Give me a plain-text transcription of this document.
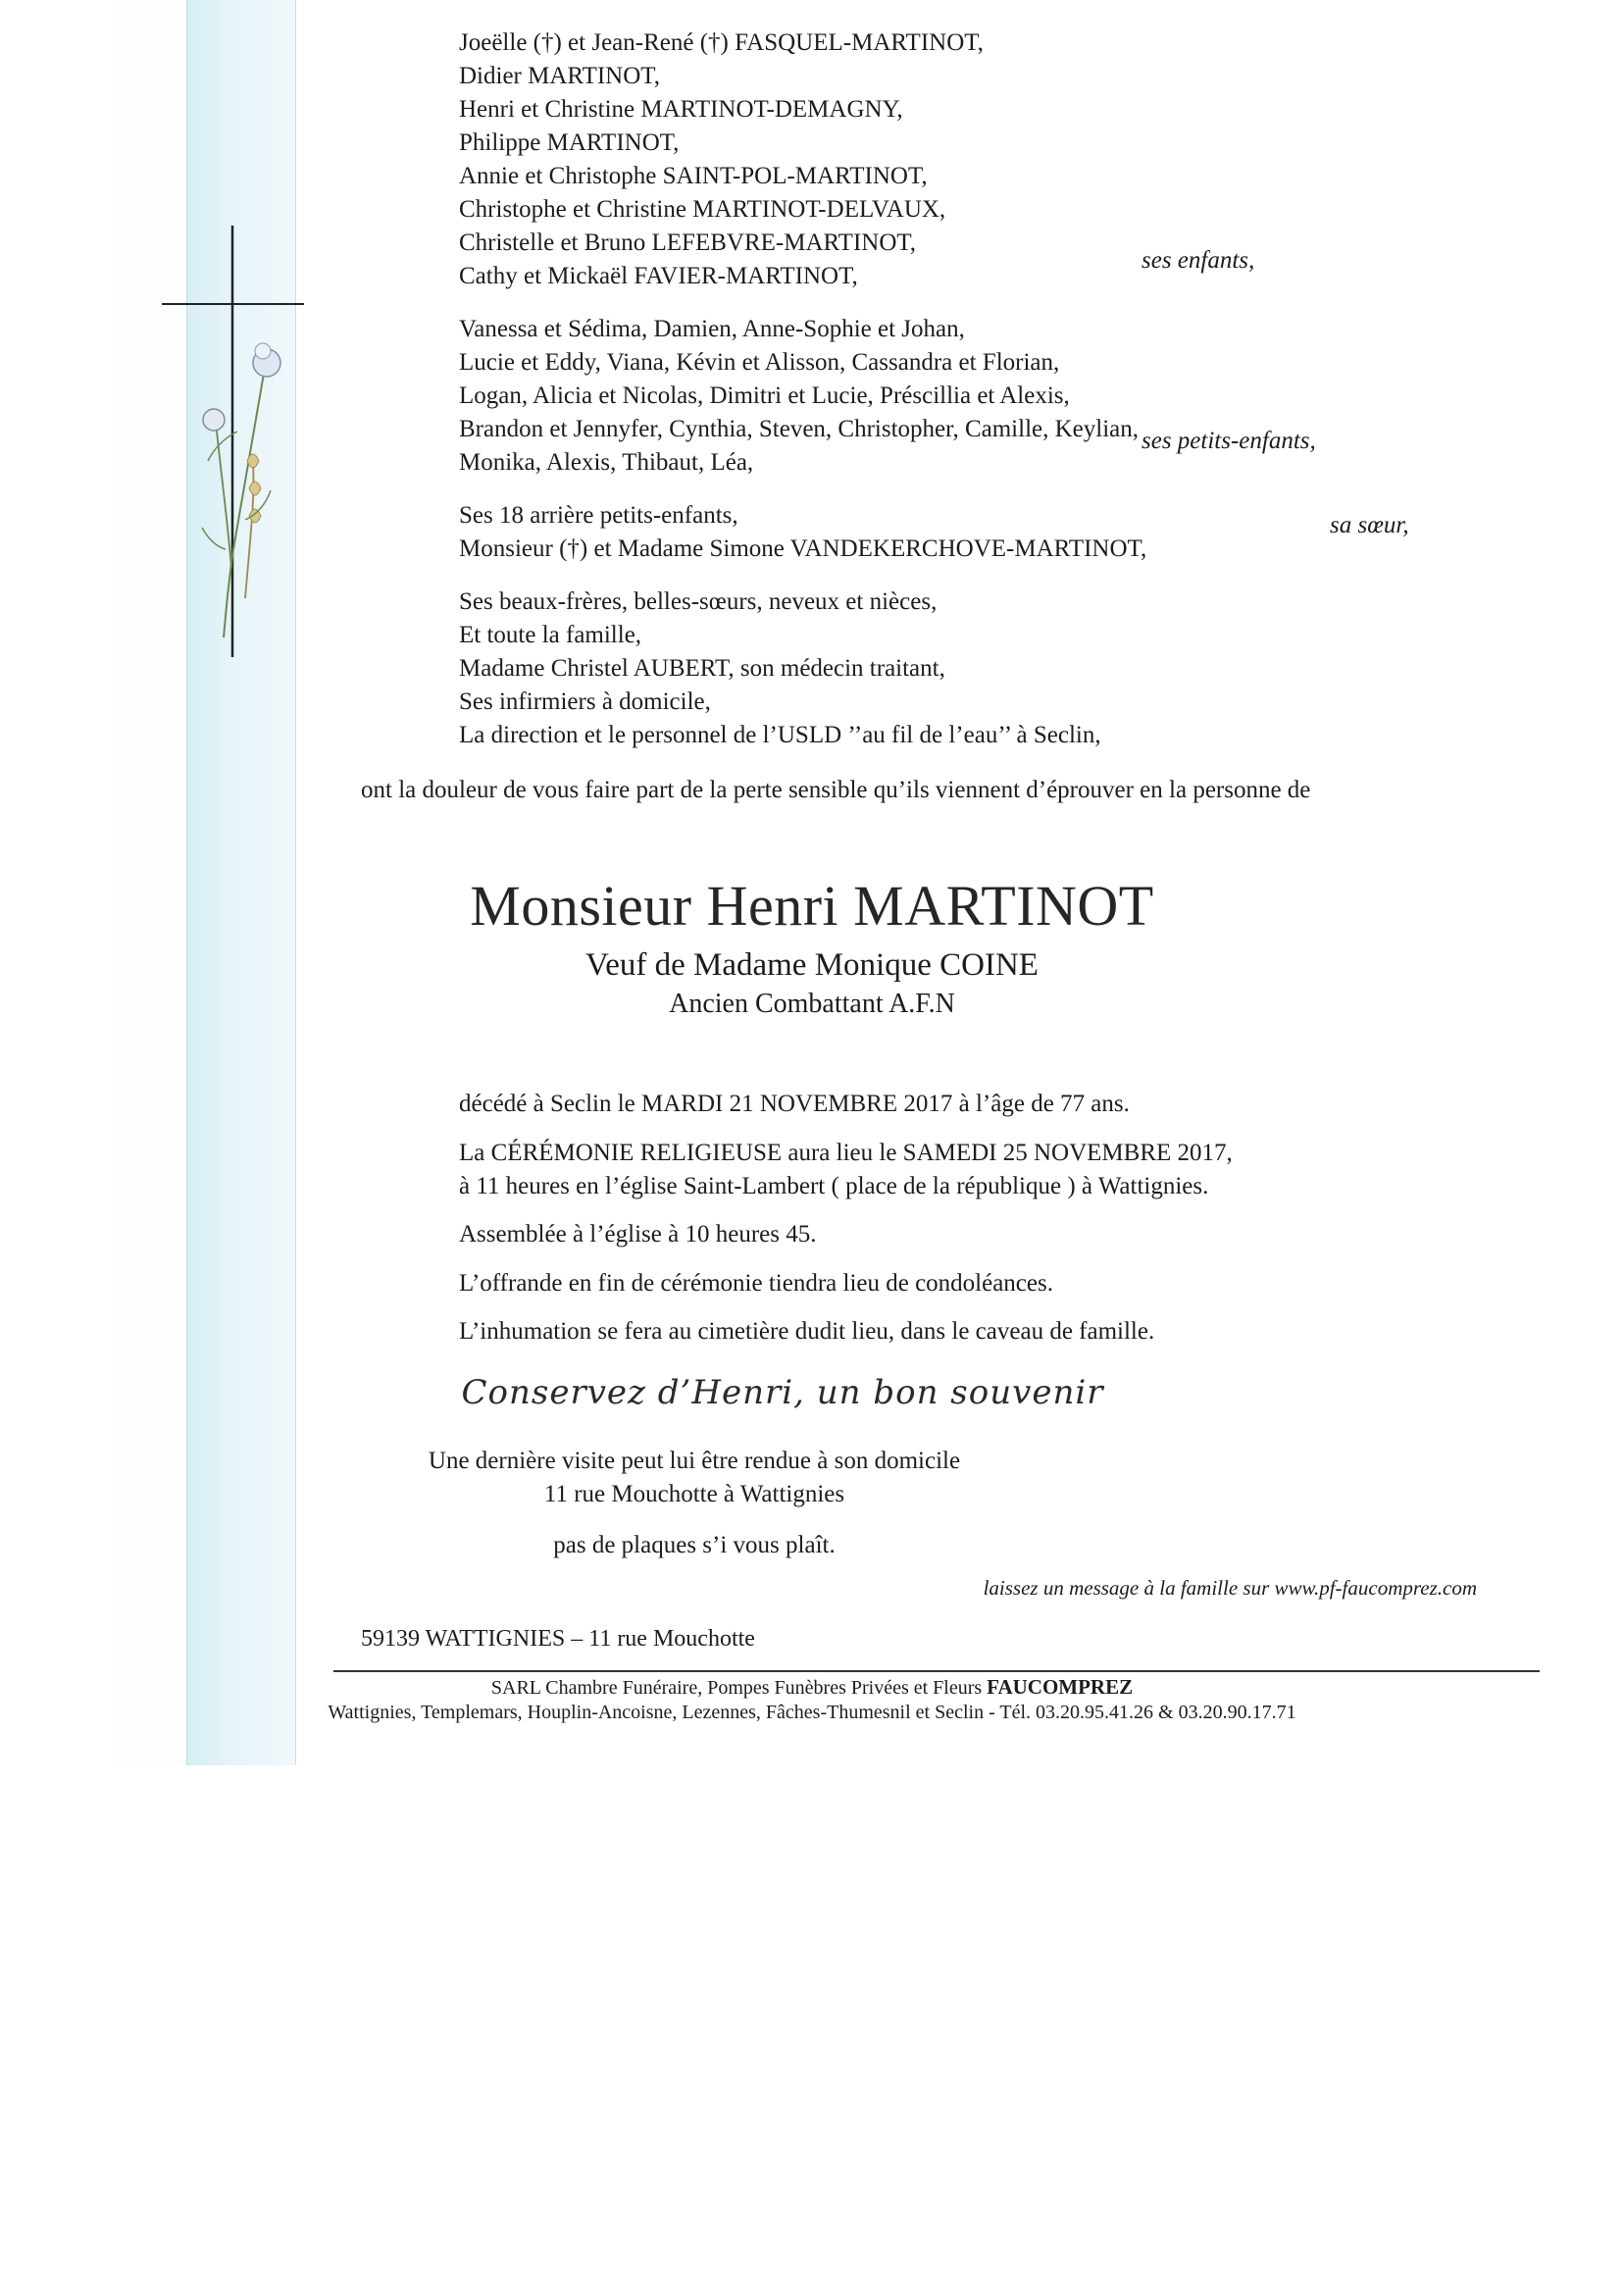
Joeëlle (†) et Jean-René (†) FASQUEL-MARTINOT,
Didier MARTINOT,
Henri et Christine MARTINOT-DEMAGNY,
Philippe MARTINOT,
Annie et Christophe SAINT-POL-MARTINOT,
Christophe et Christine MARTINOT-DELVAUX,
Christelle et Bruno LEFEBVRE-MARTINOT,
Cathy et Mickaël FAVIER-MARTINOT,
ses enfants,
Vanessa et Sédima, Damien, Anne-Sophie et Johan,
Lucie et Eddy, Viana, Kévin et Alisson, Cassandra et Florian,
Logan, Alicia et Nicolas, Dimitri et Lucie, Préscillia et Alexis,
Brandon et Jennyfer, Cynthia, Steven, Christopher, Camille, Keylian,
Monika, Alexis, Thibaut, Léa,
ses petits-enfants,
Ses 18 arrière petits-enfants,
Monsieur (†) et Madame Simone VANDEKERCHOVE-MARTINOT,
sa sœur,
Ses beaux-frères, belles-sœurs, neveux et nièces,
Et toute la famille,
Madame Christel AUBERT, son médecin traitant,
Ses infirmiers à domicile,
La direction et le personnel de l’USLD ’’au fil de l’eau’’ à Seclin,
ont la douleur de vous faire part de la perte sensible qu’ils viennent d’éprouver en la personne de
Monsieur Henri MARTINOT
Veuf de Madame Monique COINE
Ancien Combattant A.F.N
décédé à Seclin le MARDI 21 NOVEMBRE 2017 à l’âge de 77 ans.
La CÉRÉMONIE RELIGIEUSE aura lieu le SAMEDI 25 NOVEMBRE 2017,
à 11 heures en l’église Saint-Lambert ( place de la république ) à Wattignies.
Assemblée à l’église à 10 heures 45.
L’offrande en fin de cérémonie tiendra lieu de condoléances.
L’inhumation se fera au cimetière dudit lieu, dans le caveau de famille.
Conservez d’Henri, un bon souvenir
Une dernière visite peut lui être rendue à son domicile
11 rue Mouchotte à Wattignies
pas de plaques s’i vous plaît.
laissez un message à la famille sur www.pf-faucomprez.com
59139 WATTIGNIES – 11 rue Mouchotte
SARL Chambre Funéraire, Pompes Funèbres Privées et Fleurs FAUCOMPREZ
Wattignies, Templemars, Houplin-Ancoisne, Lezennes, Fâches-Thumesnil et Seclin - Tél. 03.20.95.41.26 & 03.20.90.17.71
